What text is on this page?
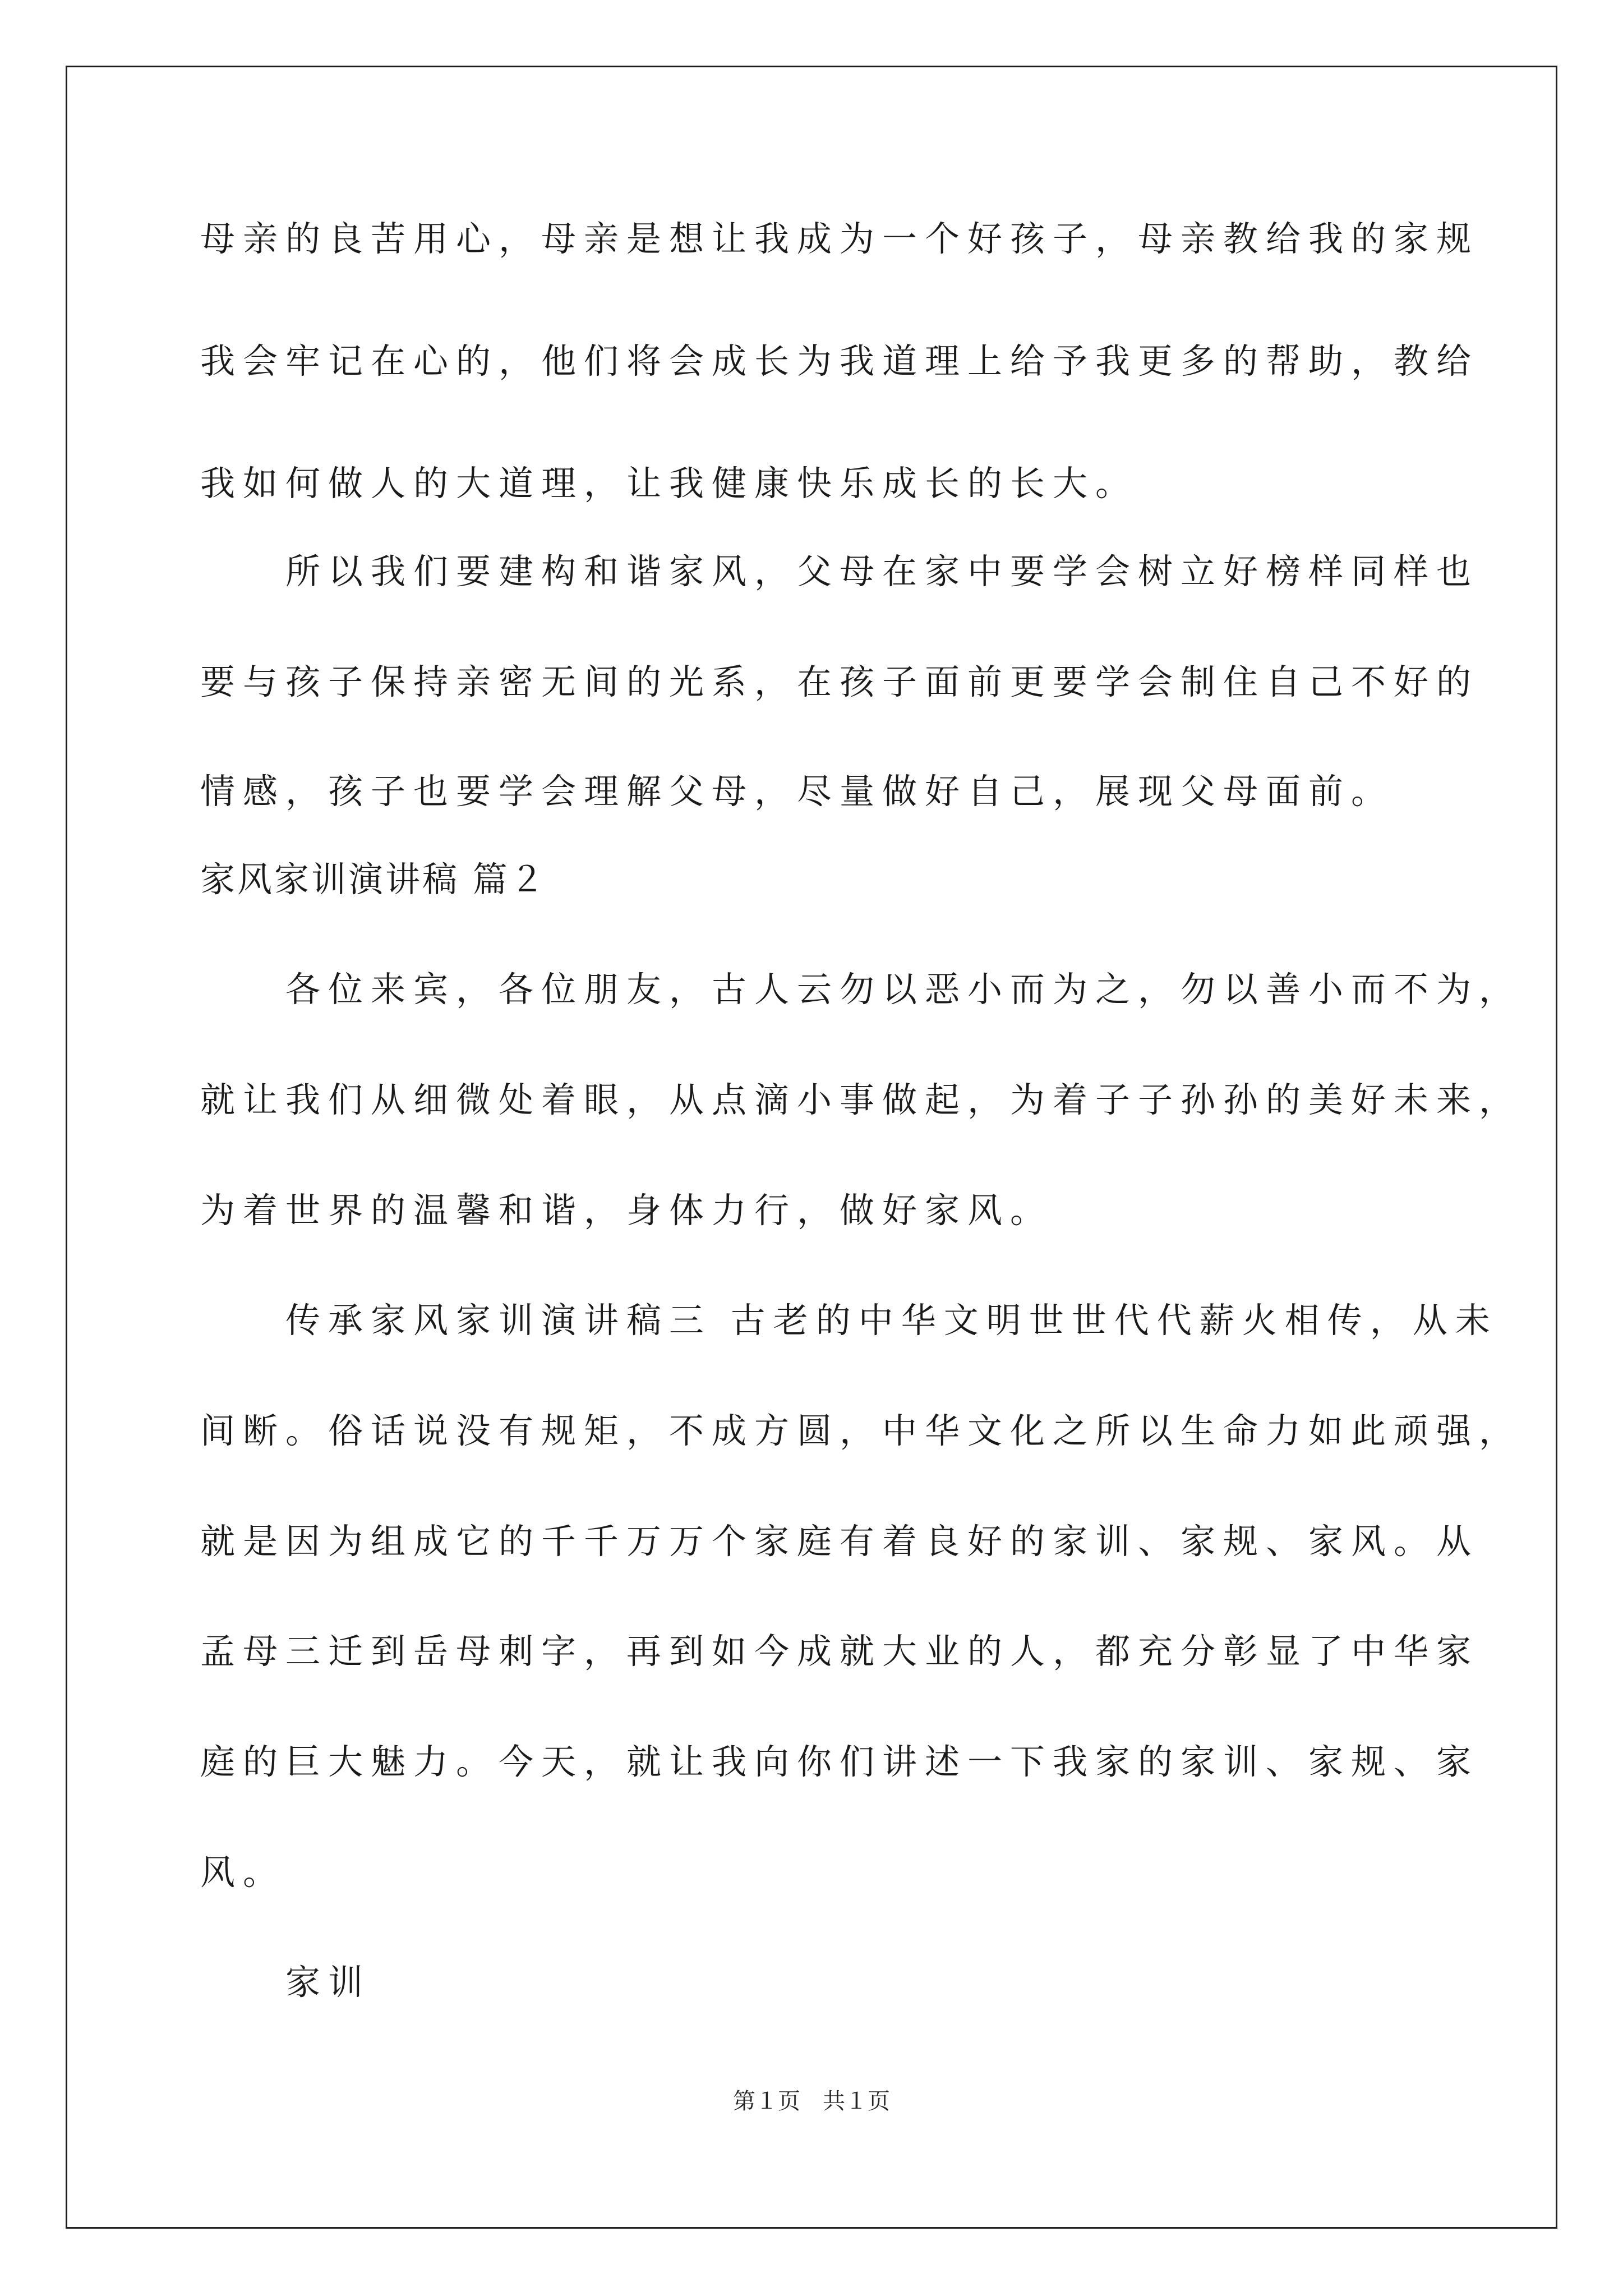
母亲的良苦用心，母亲是想让我成为一个好孩子，母亲教给我的家规
我会牢记在心的，他们将会成长为我道理上给予我更多的帮助，教给
我如何做人的大道理，让我健康快乐成长的长大。
　　所以我们要建构和谐家风，父母在家中要学会树立好榜样同样也
要与孩子保持亲密无间的光系，在孩子面前更要学会制住自己不好的
情感，孩子也要学会理解父母，尽量做好自己，展现父母面前。
家风家训演讲稿 篇２
　　各位来宾，各位朋友，古人云勿以恶小而为之，勿以善小而不为，
就让我们从细微处着眼，从点滴小事做起，为着子子孙孙的美好未来，
为着世界的温馨和谐，身体力行，做好家风。
　　传承家风家训演讲稿三 古老的中华文明世世代代薪火相传，从未
间断。俗话说没有规矩，不成方圆，中华文化之所以生命力如此顽强，
就是因为组成它的千千万万个家庭有着良好的家训、家规、家风。从
孟母三迁到岳母刺字，再到如今成就大业的人，都充分彰显了中华家
庭的巨大魅力。今天，就让我向你们讲述一下我家的家训、家规、家
风。
　　家训
第１页　共１页
